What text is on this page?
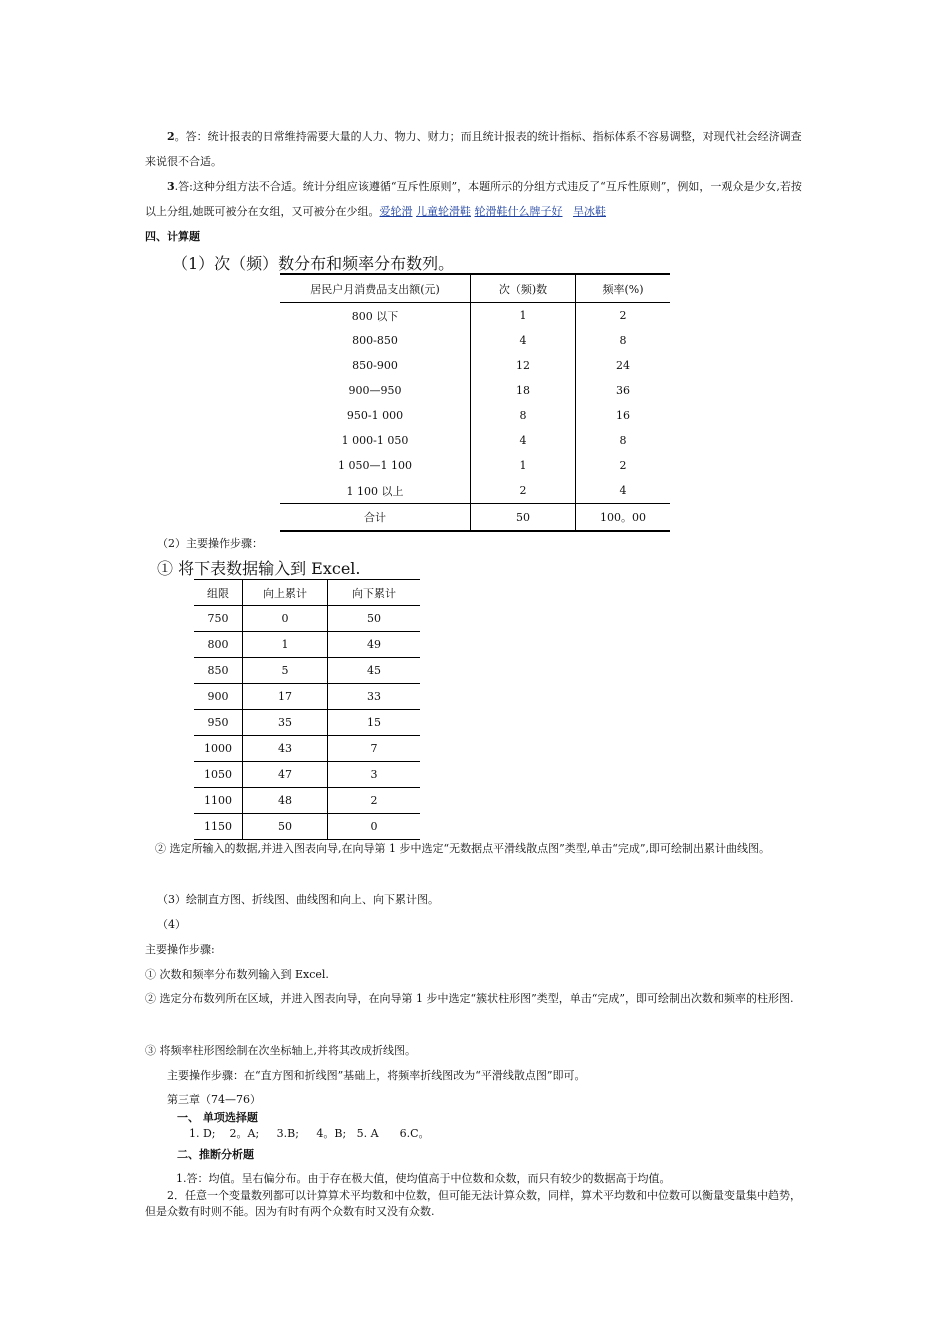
2。答：统计报表的日常维持需要大量的人力、物力、财力；而且统计报表的统计指标、指标体系不容易调整，对现代社会经济调查来说很不合适。
3.答:这种分组方法不合适。统计分组应该遵循“互斥性原则”，本题所示的分组方式违反了“互斥性原则”，例如，一观众是少女,若按以上分组,她既可被分在女组，又可被分在少组。爱轮滑 儿童轮滑鞋 轮滑鞋什么牌子好 旱冰鞋
四、计算题
（1）次（频）数分布和频率分布数列。
居民户月消费品支出额(元)	次（频)数	频率(%)
800 以下	1	2
800-850	4	8
850-900	12	24
900—950	18	36
950-1 000	8	16
1 000-1 050	4	8
1 050—1 100	1	2
1 100 以上	2	4
合计	50	100。00
（2）主要操作步骤：
① 将下表数据输入到 Excel.
组限	向上累计	向下累计
750	0	50
800	1	49
850	5	45
900	17	33
950	35	15
1000	43	7
1050	47	3
1100	48	2
1150	50	0
② 选定所输入的数据,并进入图表向导,在向导第 1 步中选定“无数据点平滑线散点图”类型,单击“完成”,即可绘制出累计曲线图。
（3）绘制直方图、折线图、曲线图和向上、向下累计图。
（4）
主要操作步骤:
① 次数和频率分布数列输入到 Excel.
② 选定分布数列所在区域，并进入图表向导，在向导第 1 步中选定“簇状柱形图”类型，单击“完成”，即可绘制出次数和频率的柱形图.
③ 将频率柱形图绘制在次坐标轴上,并将其改成折线图。
主要操作步骤：在“直方图和折线图”基础上，将频率折线图改为“平滑线散点图”即可。
第三章（74—76）
一、 单项选择题
1. D;    2。A;     3.B;     4。B;   5. A      6.C。
二、推断分析题
1.答：均值。呈右偏分布。由于存在极大值，使均值高于中位数和众数，而只有较少的数据高于均值。
2．任意一个变量数列都可以计算算术平均数和中位数，但可能无法计算众数，同样，算术平均数和中位数可以衡量变量集中趋势，但是众数有时则不能。因为有时有两个众数有时又没有众数.
